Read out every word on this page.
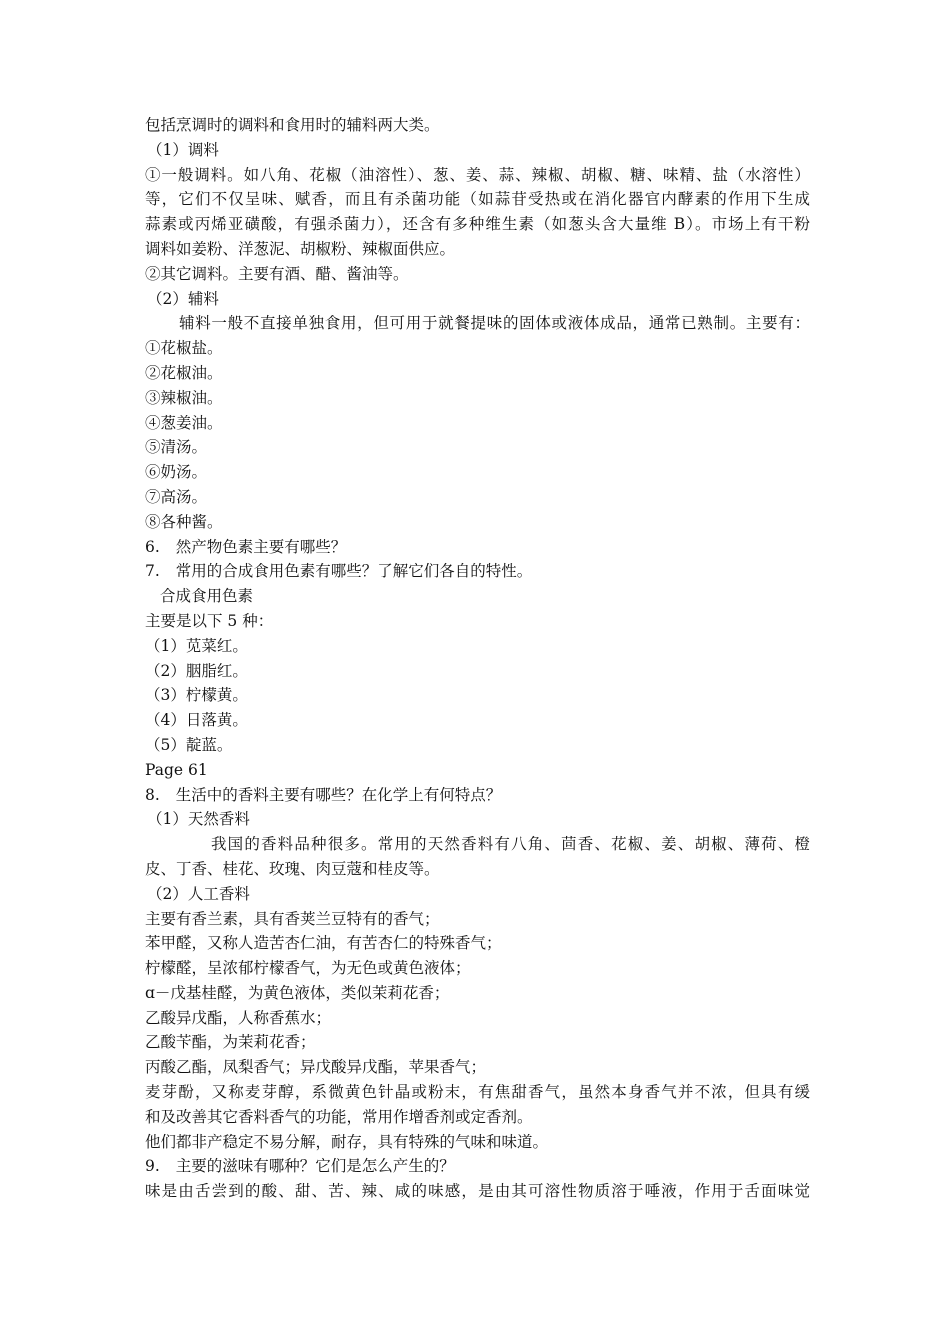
包括烹调时的调料和食用时的辅料两大类。
（1）调料
①一般调料。如八角、花椒（油溶性）、葱、姜、蒜、辣椒、胡椒、糖、味精、盐（水溶性）
等，它们不仅呈味、赋香，而且有杀菌功能（如蒜苷受热或在消化器官内酵素的作用下生成
蒜素或丙烯亚磺酸，有强杀菌力），还含有多种维生素（如葱头含大量维 B）。市场上有干粉
调料如姜粉、洋葱泥、胡椒粉、辣椒面供应。
②其它调料。主要有酒、醋、酱油等。
（2）辅料
辅料一般不直接单独食用，但可用于就餐提味的固体或液体成品，通常已熟制。主要有：
①花椒盐。
②花椒油。
③辣椒油。
④葱姜油。
⑤清汤。
⑥奶汤。
⑦高汤。
⑧各种酱。
6. 然产物色素主要有哪些？
7. 常用的合成食用色素有哪些？了解它们各自的特性。
合成食用色素
主要是以下 5 种：
（1）苋菜红。
（2）胭脂红。
（3）柠檬黄。
（4）日落黄。
（5）靛蓝。
Page 61
8. 生活中的香料主要有哪些？在化学上有何特点？
（1）天然香料
我国的香料品种很多。常用的天然香料有八角、茴香、花椒、姜、胡椒、薄荷、橙
皮、丁香、桂花、玫瑰、肉豆蔻和桂皮等。
（2）人工香料
主要有香兰素，具有香荚兰豆特有的香气；
苯甲醛，又称人造苦杏仁油，有苦杏仁的特殊香气；
柠檬醛，呈浓郁柠檬香气，为无色或黄色液体；
ɑ－戊基桂醛，为黄色液体，类似茉莉花香；
乙酸异戊酯，人称香蕉水；
乙酸苄酯，为茉莉花香；
丙酸乙酯，凤梨香气；异戊酸异戊酯，苹果香气；
麦芽酚，又称麦芽醇，系微黄色针晶或粉末，有焦甜香气，虽然本身香气并不浓，但具有缓
和及改善其它香料香气的功能，常用作增香剂或定香剂。
他们都非产稳定不易分解，耐存，具有特殊的气味和味道。
9. 主要的滋味有哪种？它们是怎么产生的？
味是由舌尝到的酸、甜、苦、辣、咸的味感，是由其可溶性物质溶于唾液，作用于舌面味觉
